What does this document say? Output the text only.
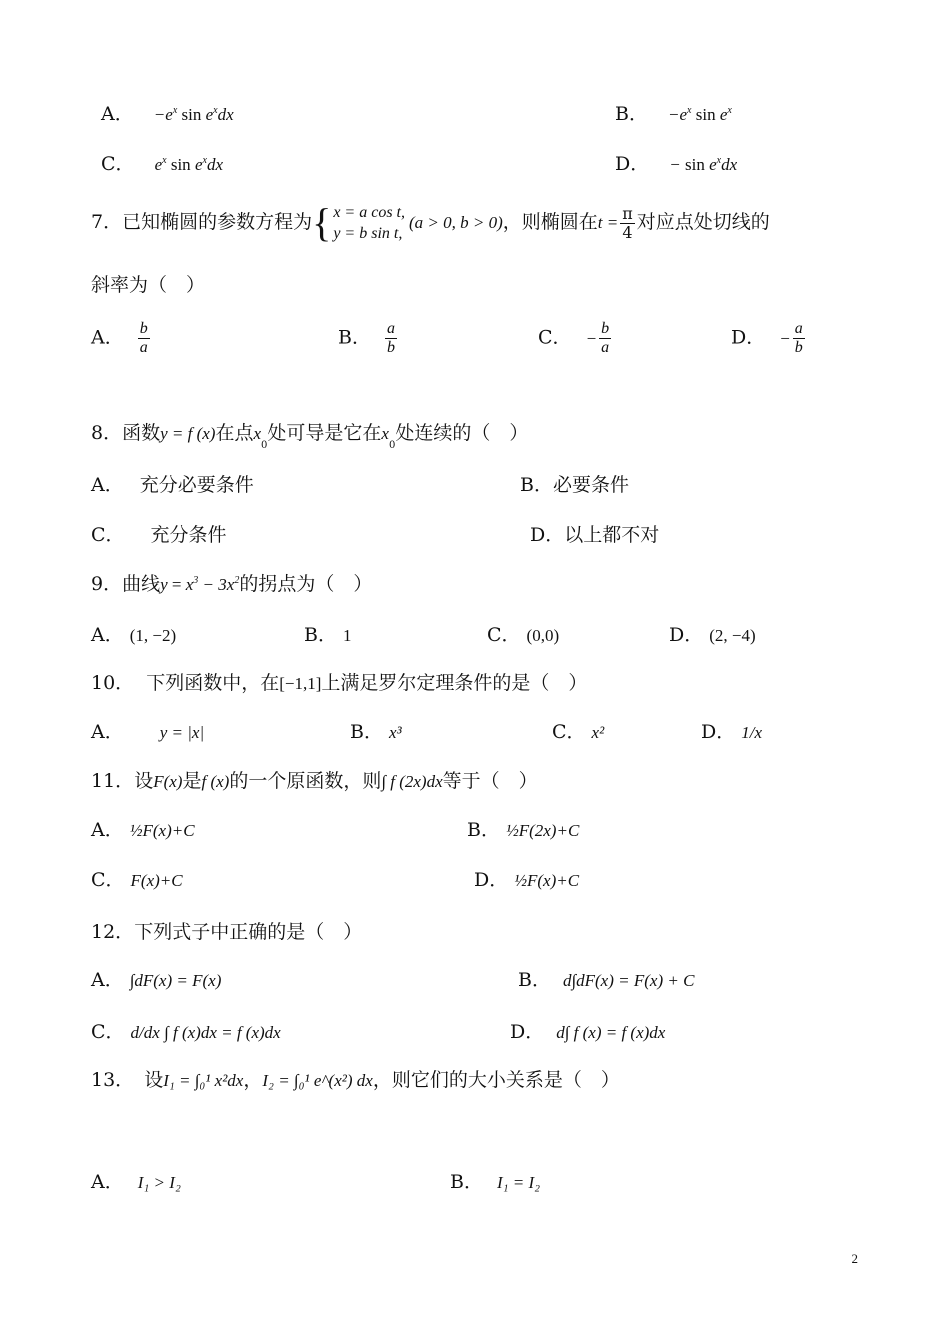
A． $-e^x$ $\sin e^xdx$	B． $-e^x$ $\sin e^x$
C． $e^x$ $\sin e^xdx$	D． − $\sin e^xdx$
7．已知椭圆的参数方程为{ x = a cos t,
y = b sin t,
(a > 0, b > 0)，则椭圆在$t = \frac{\pi}{4}$ 对应点处切线的
斜率为（　）
A． $\frac{b}{a}$	B． $\frac{a}{b}$	C． − $\frac{b}{a}$	D． − $\frac{a}{b}$
8．函数y = f (x)在点$x_0$处可导是它在$x_0$处连续的（　）
A． 充分必要条件	B．必要条件
C． 充分条件	D．以上都不对
9．曲线$y = x^3 - 3x^2$的拐点为（　）
A． (1, −2)	B． 1	C． (0,0)	D． (2, −4)
10． 下列函数中，在[−1,1]上满足罗尔定理条件的是（　）
A． y = |x|	B． x³	C． x²	D． 1/x
11．设F(x)是f (x)的一个原函数，则∫ f (2x)dx等于（　）
A． ½F(x)+C	B． ½F(2x)+C
C． F(x)+C	D． ½F(x)+C
12．下列式子中正确的是（　）
A． ∫dF(x) = F(x)	B． d∫dF(x) = F(x) + C
C． d/dx ∫ f (x)dx = f (x)dx	D． d∫ f (x) = f (x)dx
13． 设I₁ = ∫₀¹ x²dx，I₂ = ∫₀¹ e^(x²) dx，则它们的大小关系是（　）
A． I₁ > I₂	B． I₁ = I₂
2
